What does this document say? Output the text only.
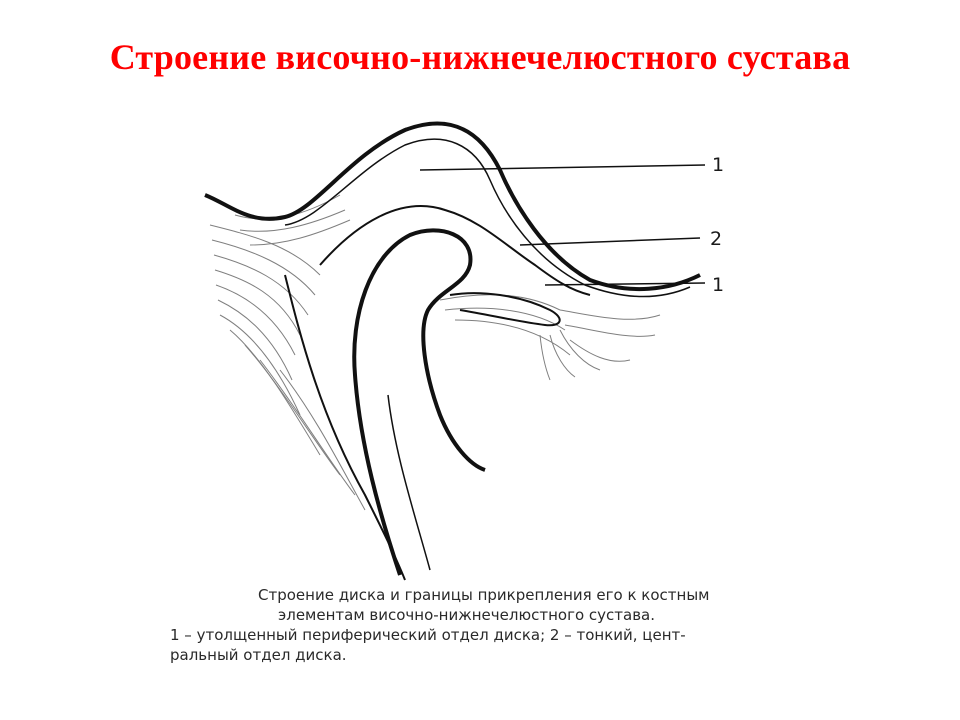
Строение височно-нижнечелюстного сустава
1
2
1
Строение диска и границы прикрепления его к костным
элементам височно-нижнечелюстного сустава.
1 – утолщенный периферический отдел диска; 2 – тонкий, цент-
ральный отдел диска.
